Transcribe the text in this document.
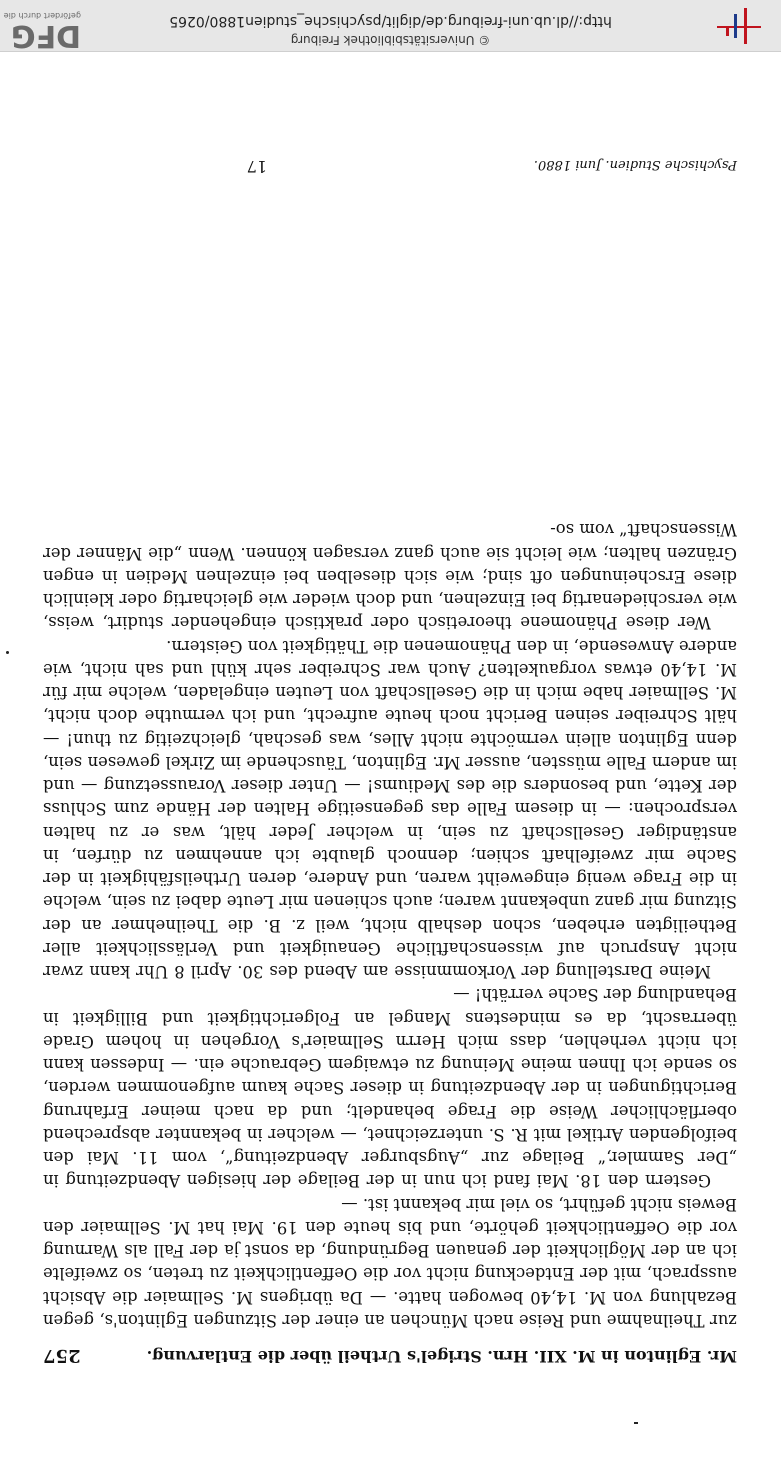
Mr. Eglinton in M. XII. Hrn. Strigel's Urtheil über die Entlarvung.
257

zur Theilnahme und Reise nach München an einer der Sitzungen Eglinton's, gegen Bezahlung von M. 14,40 bewogen hatte. — Da übrigens M. Sellmaier die Absicht aussprach, mit der Entdeckung nicht vor die Oeffentlichkeit zu treten, so zweifelte ich an der Möglichkeit der genauen Begründung, da sonst ja der Fall als Warnung vor die Oeffentlichkeit gehörte, und bis heute den 19. Mai hat M. Sellmaier den Beweis nicht geführt, so viel mir bekannt ist. —

Gestern den 18. Mai fand ich nun in der Beilage der hiesigen Abendzeitung in „Der Sammler,“ Beilage zur „Augsburger Abendzeitung“, vom 11. Mai den beifolgenden Artikel mit R. S. unterzeichnet, — welcher in bekannter absprechend oberflächlicher Weise die Frage behandelt; und da nach meiner Erfahrung Berichtigungen in der Abendzeitung in dieser Sache kaum aufgenommen werden, so sende ich Ihnen meine Meinung zu etwaigem Gebrauche ein. — Indessen kann ich nicht verhehlen, dass mich Herrn Sellmaier's Vorgehen in hohem Grade überrascht, da es mindestens Mangel an Folgerichtigkeit und Billigkeit in Behandlung der Sache verräth! —

Meine Darstellung der Vorkommnisse am Abend des 30. April 8 Uhr kann zwar nicht Anspruch auf wissenschaftliche Genauigkeit und Verlässlichkeit aller Betheiligten erheben, schon deshalb nicht, weil z. B. die Theilnehmer an der Sitzung mir ganz unbekannt waren; auch schienen mir Leute dabei zu sein, welche in die Frage wenig eingeweiht waren, und Andere, deren Urtheilsfähigkeit in der Sache mir zweifelhaft schien; dennoch glaubte ich annehmen zu dürfen, in anständiger Gesellschaft zu sein, in welcher Jeder hält, was er zu halten versprochen: — in diesem Falle das gegenseitige Halten der Hände zum Schluss der Kette, und besonders die des Mediums! — Unter dieser Voraussetzung — und im andern Falle müssten, ausser Mr. Eglinton, Täuschende im Zirkel gewesen sein, denn Eglinton allein vermöchte nicht Alles, was geschah, gleichzeitig zu thun! — hält Schreiber seinen Bericht noch heute aufrecht, und ich vermuthe doch nicht, M. Sellmaier habe mich in die Gesellschaft von Leuten eingeladen, welche mir für M. 14,40 etwas vorgaukelten? Auch war Schreiber sehr kühl und sah nicht, wie andere Anwesende, in den Phänomenen die Thätigkeit von Geistern.

Wer diese Phänomene theoretisch oder praktisch eingehender studirt, weiss, wie verschiedenartig bei Einzelnen, und doch wieder wie gleichartig oder kleinlich diese Erscheinungen oft sind; wie sich dieselben bei einzelnen Medien in engen Gränzen halten; wie leicht sie auch ganz versagen können. Wenn „die Männer der Wissenschaft“ vom so-

Psychische Studien. Juni 1880.
17
© Universitätsbibliothek Freiburg
http://dl.ub.uni-freiburg.de/diglit/psychische_studien1880/0265
DFG
gefördert durch die
